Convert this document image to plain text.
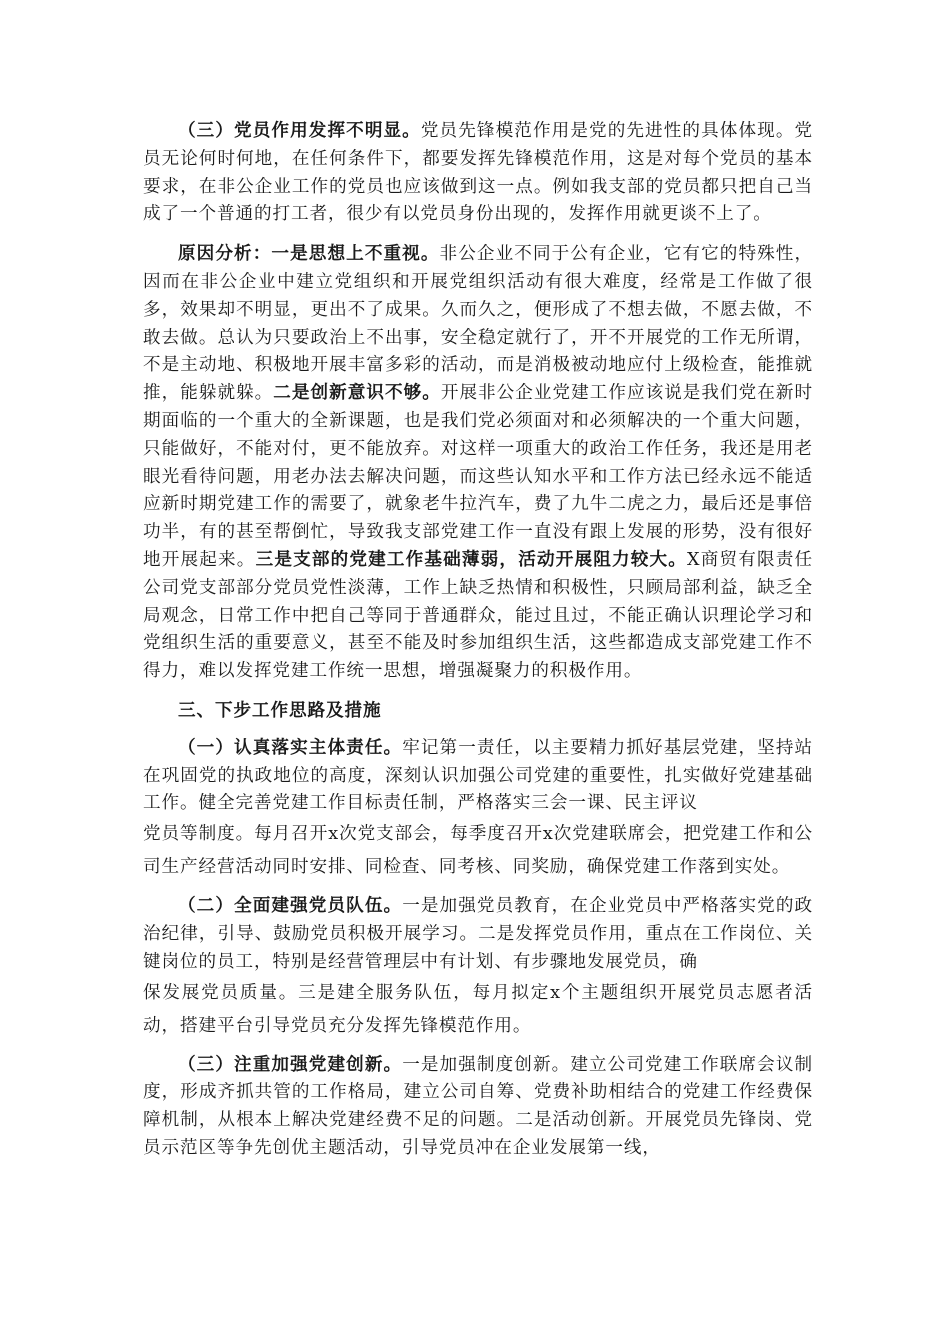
（三）党员作用发挥不明显。党员先锋模范作用是党的先进性的具体体现。党员无论何时何地，在任何条件下，都要发挥先锋模范作用，这是对每个党员的基本要求，在非公企业工作的党员也应该做到这一点。例如我支部的党员都只把自己当成了一个普通的打工者，很少有以党员身份出现的，发挥作用就更谈不上了。

原因分析：一是思想上不重视。非公企业不同于公有企业，它有它的特殊性，因而在非公企业中建立党组织和开展党组织活动有很大难度，经常是工作做了很多，效果却不明显，更出不了成果。久而久之，便形成了不想去做，不愿去做，不敢去做。总认为只要政治上不出事，安全稳定就行了，开不开展党的工作无所谓，不是主动地、积极地开展丰富多彩的活动，而是消极被动地应付上级检查，能推就推，能躲就躲。二是创新意识不够。开展非公企业党建工作应该说是我们党在新时期面临的一个重大的全新课题，也是我们党必须面对和必须解决的一个重大问题，只能做好，不能对付，更不能放弃。对这样一项重大的政治工作任务，我还是用老眼光看待问题，用老办法去解决问题，而这些认知水平和工作方法已经永远不能适应新时期党建工作的需要了，就象老牛拉汽车，费了九牛二虎之力，最后还是事倍功半，有的甚至帮倒忙，导致我支部党建工作一直没有跟上发展的形势，没有很好地开展起来。三是支部的党建工作基础薄弱，活动开展阻力较大。X商贸有限责任公司党支部部分党员党性淡薄，工作上缺乏热情和积极性，只顾局部利益，缺乏全局观念，日常工作中把自己等同于普通群众，能过且过，不能正确认识理论学习和党组织生活的重要意义，甚至不能及时参加组织生活，这些都造成支部党建工作不得力，难以发挥党建工作统一思想，增强凝聚力的积极作用。

三、下步工作思路及措施

（一）认真落实主体责任。牢记第一责任，以主要精力抓好基层党建，坚持站在巩固党的执政地位的高度，深刻认识加强公司党建的重要性，扎实做好党建基础工作。健全完善党建工作目标责任制，严格落实三会一课、民主评议

党员等制度。每月召开x次党支部会，每季度召开x次党建联席会，把党建工作和公司生产经营活动同时安排、同检查、同考核、同奖励，确保党建工作落到实处。

（二）全面建强党员队伍。一是加强党员教育，在企业党员中严格落实党的政治纪律，引导、鼓励党员积极开展学习。二是发挥党员作用，重点在工作岗位、关键岗位的员工，特别是经营管理层中有计划、有步骤地发展党员，确

保发展党员质量。三是建全服务队伍，每月拟定x个主题组织开展党员志愿者活动，搭建平台引导党员充分发挥先锋模范作用。

（三）注重加强党建创新。一是加强制度创新。建立公司党建工作联席会议制度，形成齐抓共管的工作格局，建立公司自筹、党费补助相结合的党建工作经费保障机制，从根本上解决党建经费不足的问题。二是活动创新。开展党员先锋岗、党员示范区等争先创优主题活动，引导党员冲在企业发展第一线，
